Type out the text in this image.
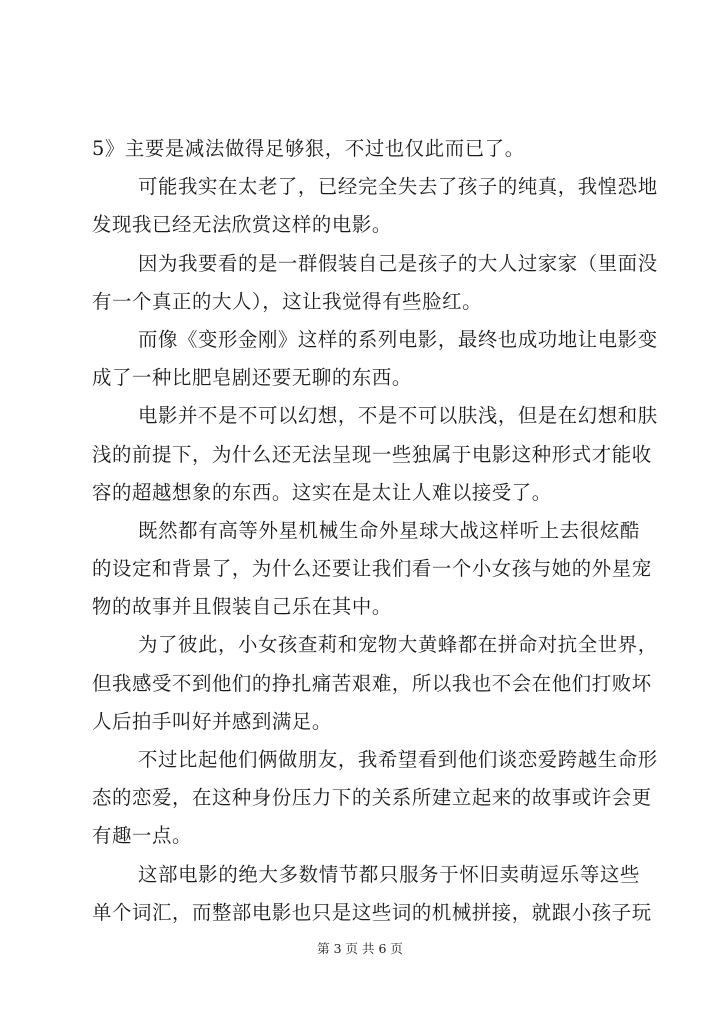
5》主要是减法做得足够狠，不过也仅此而已了。
可能我实在太老了，已经完全失去了孩子的纯真，我惶恐地
发现我已经无法欣赏这样的电影。
因为我要看的是一群假装自己是孩子的大人过家家（里面没
有一个真正的大人），这让我觉得有些脸红。
而像《变形金刚》这样的系列电影，最终也成功地让电影变
成了一种比肥皂剧还要无聊的东西。
电影并不是不可以幻想，不是不可以肤浅，但是在幻想和肤
浅的前提下，为什么还无法呈现一些独属于电影这种形式才能收
容的超越想象的东西。这实在是太让人难以接受了。
既然都有高等外星机械生命外星球大战这样听上去很炫酷
的设定和背景了，为什么还要让我们看一个小女孩与她的外星宠
物的故事并且假装自己乐在其中。
为了彼此，小女孩查莉和宠物大黄蜂都在拼命对抗全世界，
但我感受不到他们的挣扎痛苦艰难，所以我也不会在他们打败坏
人后拍手叫好并感到满足。
不过比起他们俩做朋友，我希望看到他们谈恋爱跨越生命形
态的恋爱，在这种身份压力下的关系所建立起来的故事或许会更
有趣一点。
这部电影的绝大多数情节都只服务于怀旧卖萌逗乐等这些
单个词汇，而整部电影也只是这些词的机械拼接，就跟小孩子玩
第 3 页 共 6 页
